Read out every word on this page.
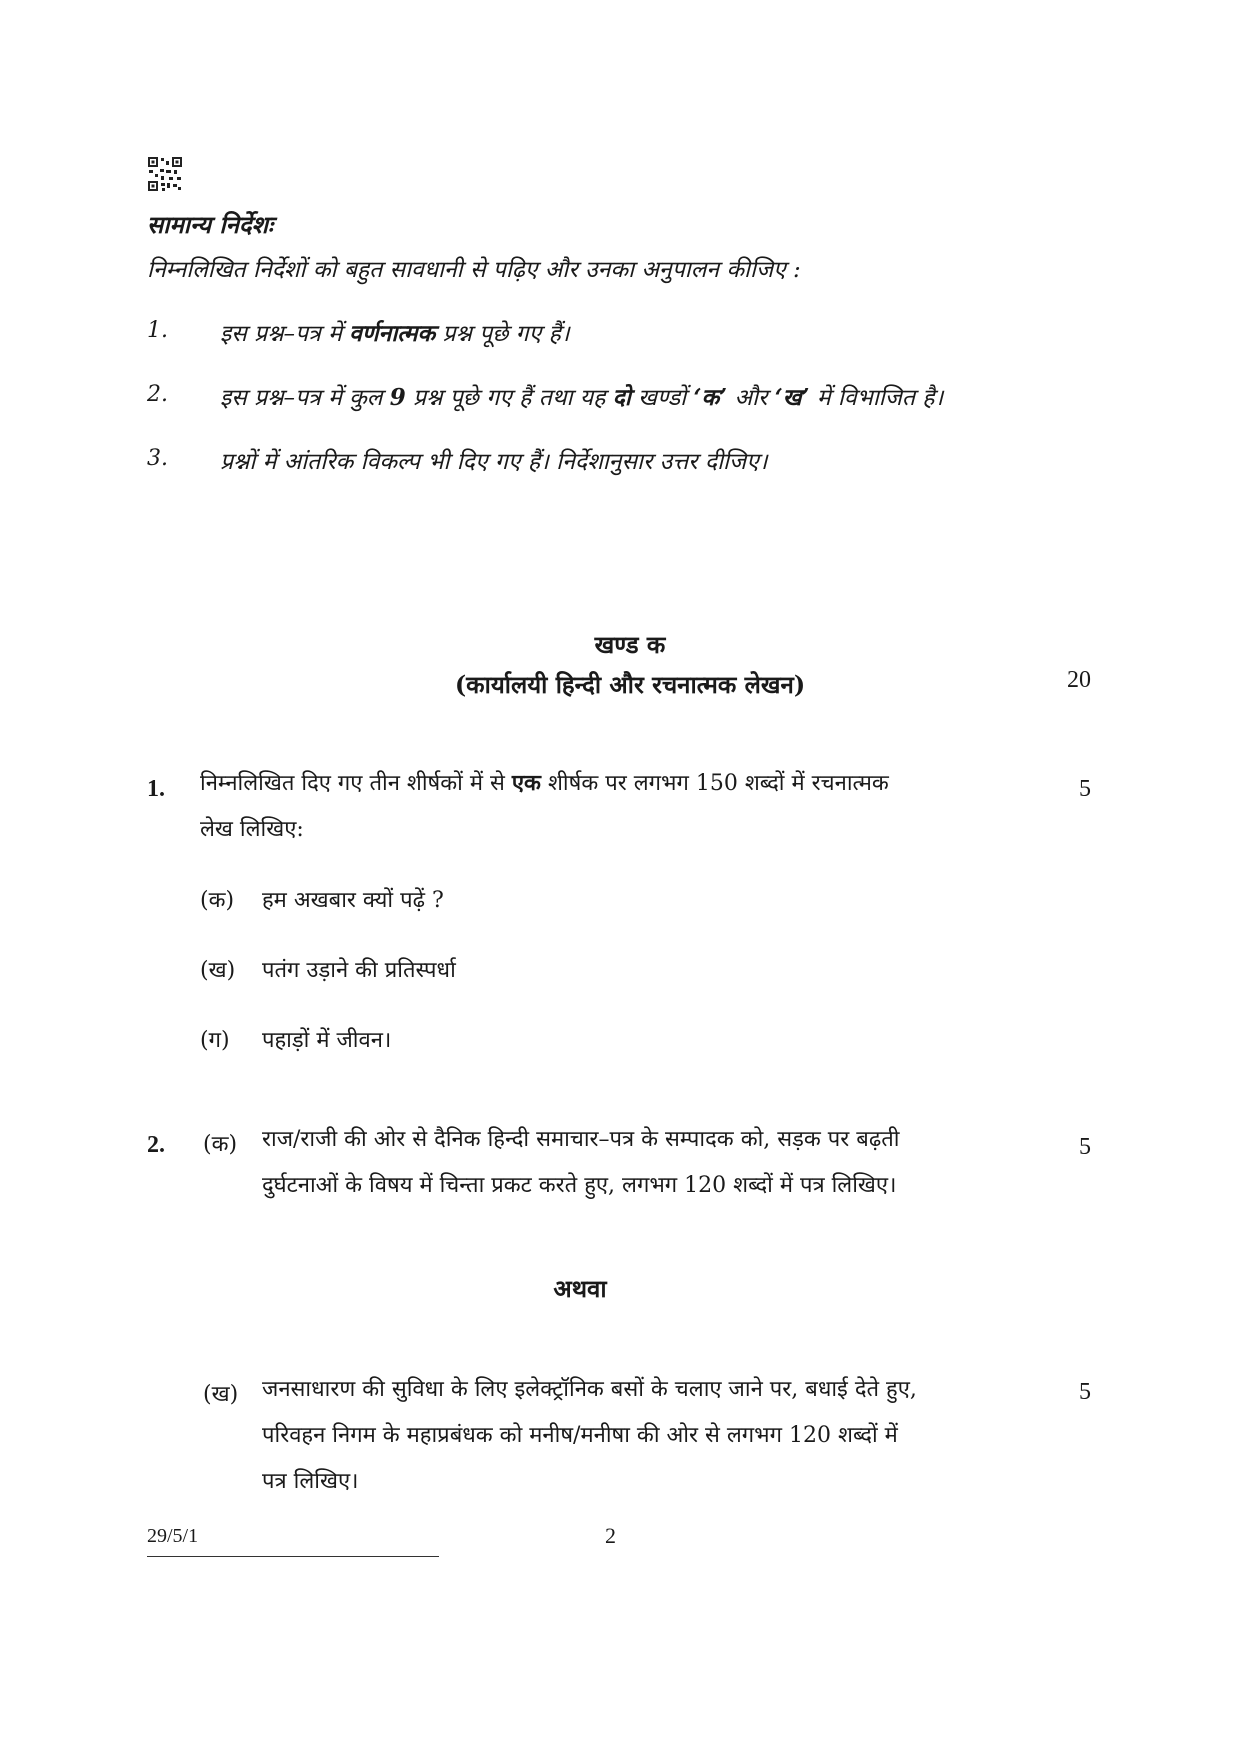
सामान्य निर्देशः
निम्नलिखित निर्देशों को बहुत सावधानी से पढ़िए और उनका अनुपालन कीजिए :
1. इस प्रश्न–पत्र में वर्णनात्मक प्रश्न पूछे गए हैं।
2. इस प्रश्न–पत्र में कुल 9 प्रश्न पूछे गए हैं तथा यह दो खण्डों ‘क’ और ‘ख’ में विभाजित है।
3. प्रश्नों में आंतरिक विकल्प भी दिए गए हैं। निर्देशानुसार उत्तर दीजिए।
खण्ड क
(कार्यालयी हिन्दी और रचनात्मक लेखन)	20
1. निम्नलिखित दिए गए तीन शीर्षकों में से एक शीर्षक पर लगभग 150 शब्दों में रचनात्मक
लेख लिखिए:
5
(क) हम अखबार क्यों पढ़ें ?
(ख) पतंग उड़ाने की प्रतिस्पर्धा
(ग) पहाड़ों में जीवन।
2. (क) राज/राजी की ओर से दैनिक हिन्दी समाचार–पत्र के सम्पादक को, सड़क पर बढ़ती
दुर्घटनाओं के विषय में चिन्ता प्रकट करते हुए, लगभग 120 शब्दों में पत्र लिखिए।
5
अथवा
(ख) जनसाधारण की सुविधा के लिए इलेक्ट्रॉनिक बसों के चलाए जाने पर, बधाई देते हुए,
परिवहन निगम के महाप्रबंधक को मनीष/मनीषा की ओर से लगभग 120 शब्दों में
पत्र लिखिए।
5
29/5/1	2
